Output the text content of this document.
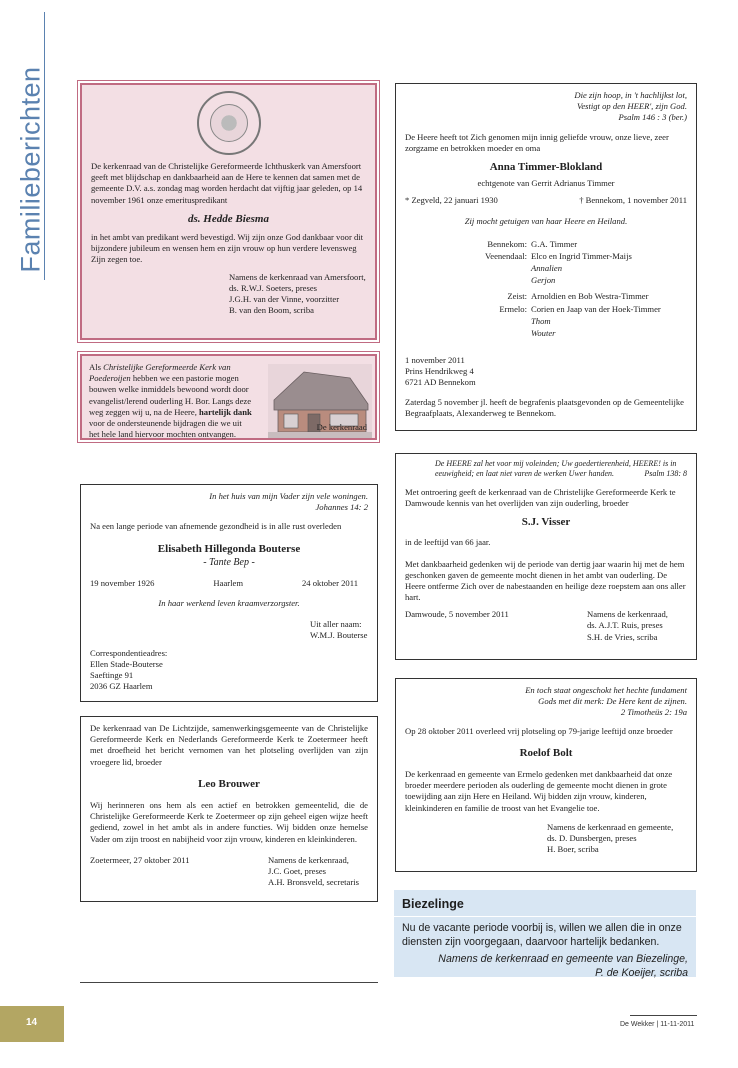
Familieberichten	De kerkenraad van de Christelijke Gereformeerde Ichthuskerk van Amersfoort geeft met blijdschap en dankbaarheid aan de Here te kennen dat samen met de gemeente D.V. a.s. zondag mag worden herdacht dat vijftig jaar geleden, op 14 november 1961 onze emerituspredikant

ds. Hedde Biesma

in het ambt van predikant werd bevestigd. Wij zijn onze God dankbaar voor dit bijzondere jubileum en wensen hem en zijn vrouw op hun verdere levensweg Zijn zegen toe.

Namens de kerkenraad van Amersfoort,
ds. R.W.J. Soeters, preses
J.G.H. van der Vinne, voorzitter
B. van den Boom, scriba
Als Christelijke Gereformeerde Kerk van Poederoijen hebben we een pastorie mogen bouwen welke inmiddels bewoond wordt door evangelist/lerend ouderling H. Bor. Langs deze weg zeggen wij u, na de Heere, hartelijk dank voor de ondersteunende bijdragen die we uit het hele land hiervoor mochten ontvangen.
De kerkenraad
Die zijn hoop, in 't hachlijkst lot,
Vestigt op den HEER', zijn God.
Psalm 146 : 3 (ber.)

De Heere heeft tot Zich genomen mijn innig geliefde vrouw, onze lieve, zeer zorgzame en betrokken moeder en oma

Anna Timmer-Blokland

echtgenote van Gerrit Adrianus Timmer

* Zegveld, 22 januari 1930	† Bennekom, 1 november 2011

Zij mocht getuigen van haar Heere en Heiland.

Bennekom: G.A. Timmer
Veenendaal: Elco en Ingrid Timmer-Maijs
Annalien
Gerjon
Zeist: Arnoldien en Bob Westra-Timmer
Ermelo: Corien en Jaap van der Hoek-Timmer
Thom
Wouter
1 november 2011
Prins Hendrikweg 4
6721 AD Bennekom

Zaterdag 5 november jl. heeft de begrafenis plaatsgevonden op de Gemeentelijke Begraafplaats, Alexanderweg te Bennekom.

In het huis van mijn Vader zijn vele woningen.
Johannes 14: 2

Na een lange periode van afnemende gezondheid is in alle rust overleden

Elisabeth Hillegonda Bouterse

- Tante Bep -

19 november 1926	Haarlem	24 oktober 2011

In haar werkend leven kraamverzorgster.

Uit aller naam:
W.M.J. Bouterse
Correspondentieadres:
Ellen Stade-Bouterse
Saeftinge 91
2036 GZ Haarlem
De HEERE zal het voor mij voleinden; Uw goedertierenheid, HEERE! is in eeuwigheid; en laat niet varen de werken Uwer handen.	Psalm 138: 8

Met ontroering geeft de kerkenraad van de Christelijke Gereformeerde Kerk te Damwoude kennis van het overlijden van zijn ouderling, broeder

S.J. Visser

in de leeftijd van 66 jaar.

Met dankbaarheid gedenken wij de periode van dertig jaar waarin hij met de hem geschonken gaven de gemeente mocht dienen in het ambt van ouderling. De Heere ontferme Zich over de nabestaanden en heilige deze roepstem aan ons aller hart.

Damwoude, 5 november 2011	Namens de kerkenraad,
ds. A.J.T. Ruis, preses
S.H. de Vries, scriba

De kerkenraad van De Lichtzijde, samenwerkingsgemeente van de Christelijke Gereformeerde Kerk en Nederlands Gereformeerde Kerk te Zoetermeer heeft met droefheid het bericht vernomen van het plotseling overlijden van zijn vroegere lid, broeder

Leo Brouwer

Wij herinneren ons hem als een actief en betrokken gemeentelid, die de Christelijke Gereformeerde Kerk te Zoetermeer op zijn geheel eigen wijze heeft gediend, zowel in het ambt als in andere functies. Wij bidden onze hemelse Vader om zijn troost en nabijheid voor zijn vrouw, kinderen en kleinkinderen.

Zoetermeer, 27 oktober 2011	Namens de kerkenraad,
J.C. Goet, preses
A.H. Bronsveld, secretaris
En toch staat ongeschokt het hechte fundament
Gods met dit merk: De Here kent de zijnen.
2 Timotheüs 2: 19a

Op 28 oktober 2011 overleed vrij plotseling op 79-jarige leeftijd onze broeder

Roelof Bolt

De kerkenraad en gemeente van Ermelo gedenken met dankbaarheid dat onze broeder meerdere perioden als ouderling de gemeente mocht dienen in grote toewijding aan zijn Here en Heiland. Wij bidden zijn vrouw, kinderen, kleinkinderen en familie de troost van het Evangelie toe.

Namens de kerkenraad en gemeente,
ds. D. Dunsbergen, preses
H. Boer, scriba
Biezelinge

Nu de vacante periode voorbij is, willen we allen die in onze diensten zijn voorgegaan, daarvoor hartelijk bedanken.

Namens de kerkenraad en gemeente van Biezelinge,
P. de Koeijer, scriba
14	De Wekker | 11-11-2011
